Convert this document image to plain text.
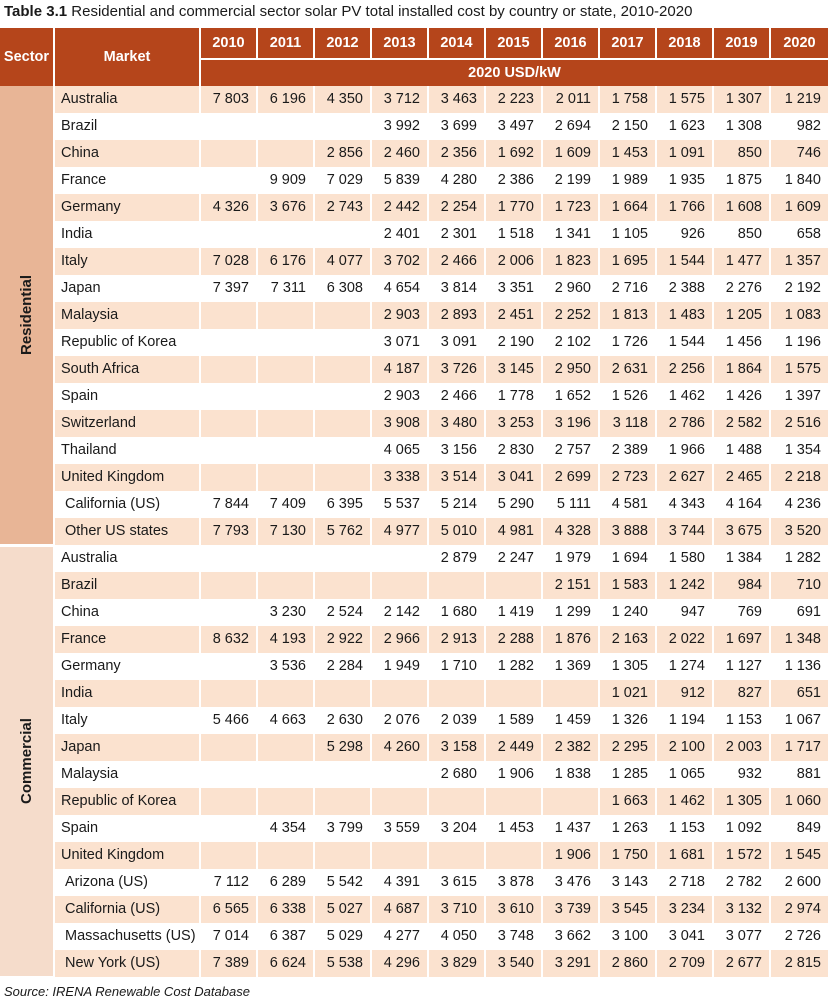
Table 3.1 Residential and commercial sector solar PV total installed cost by country or state, 2010-2020
Sector	Market	2010	2011	2012	2013	2014	2015	2016	2017	2018	2019	2020
		2020 USD/kW										

Residential	Australia	7 803	6 196	4 350	3 712	3 463	2 223	2 011	1 758	1 575	1 307	1 219
	Brazil				3 992	3 699	3 497	2 694	2 150	1 623	1 308	982
	China			2 856	2 460	2 356	1 692	1 609	1 453	1 091	850	746
	France		9 909	7 029	5 839	4 280	2 386	2 199	1 989	1 935	1 875	1 840
	Germany	4 326	3 676	2 743	2 442	2 254	1 770	1 723	1 664	1 766	1 608	1 609
	India				2 401	2 301	1 518	1 341	1 105	926	850	658
	Italy	7 028	6 176	4 077	3 702	2 466	2 006	1 823	1 695	1 544	1 477	1 357
	Japan	7 397	7 311	6 308	4 654	3 814	3 351	2 960	2 716	2 388	2 276	2 192
	Malaysia				2 903	2 893	2 451	2 252	1 813	1 483	1 205	1 083
	Republic of Korea				3 071	3 091	2 190	2 102	1 726	1 544	1 456	1 196
	South Africa				4 187	3 726	3 145	2 950	2 631	2 256	1 864	1 575
	Spain				2 903	2 466	1 778	1 652	1 526	1 462	1 426	1 397
	Switzerland				3 908	3 480	3 253	3 196	3 118	2 786	2 582	2 516
	Thailand				4 065	3 156	2 830	2 757	2 389	1 966	1 488	1 354
	United Kingdom				3 338	3 514	3 041	2 699	2 723	2 627	2 465	2 218
	California (US)	7 844	7 409	6 395	5 537	5 214	5 290	5 111	4 581	4 343	4 164	4 236
	Other US states	7 793	7 130	5 762	4 977	5 010	4 981	4 328	3 888	3 744	3 675	3 520

Commercial	Australia					2 879	2 247	1 979	1 694	1 580	1 384	1 282
	Brazil							2 151	1 583	1 242	984	710
	China		3 230	2 524	2 142	1 680	1 419	1 299	1 240	947	769	691
	France	8 632	4 193	2 922	2 966	2 913	2 288	1 876	2 163	2 022	1 697	1 348
	Germany		3 536	2 284	1 949	1 710	1 282	1 369	1 305	1 274	1 127	1 136
	India								1 021	912	827	651
	Italy	5 466	4 663	2 630	2 076	2 039	1 589	1 459	1 326	1 194	1 153	1 067
	Japan			5 298	4 260	3 158	2 449	2 382	2 295	2 100	2 003	1 717
	Malaysia					2 680	1 906	1 838	1 285	1 065	932	881
	Republic of Korea								1 663	1 462	1 305	1 060
	Spain		4 354	3 799	3 559	3 204	1 453	1 437	1 263	1 153	1 092	849
	United Kingdom							1 906	1 750	1 681	1 572	1 545
	Arizona (US)	7 112	6 289	5 542	4 391	3 615	3 878	3 476	3 143	2 718	2 782	2 600
	California (US)	6 565	6 338	5 027	4 687	3 710	3 610	3 739	3 545	3 234	3 132	2 974
	Massachusetts (US)	7 014	6 387	5 029	4 277	4 050	3 748	3 662	3 100	3 041	3 077	2 726
	New York (US)	7 389	6 624	5 538	4 296	3 829	3 540	3 291	2 860	2 709	2 677	2 815
Source: IRENA Renewable Cost Database
